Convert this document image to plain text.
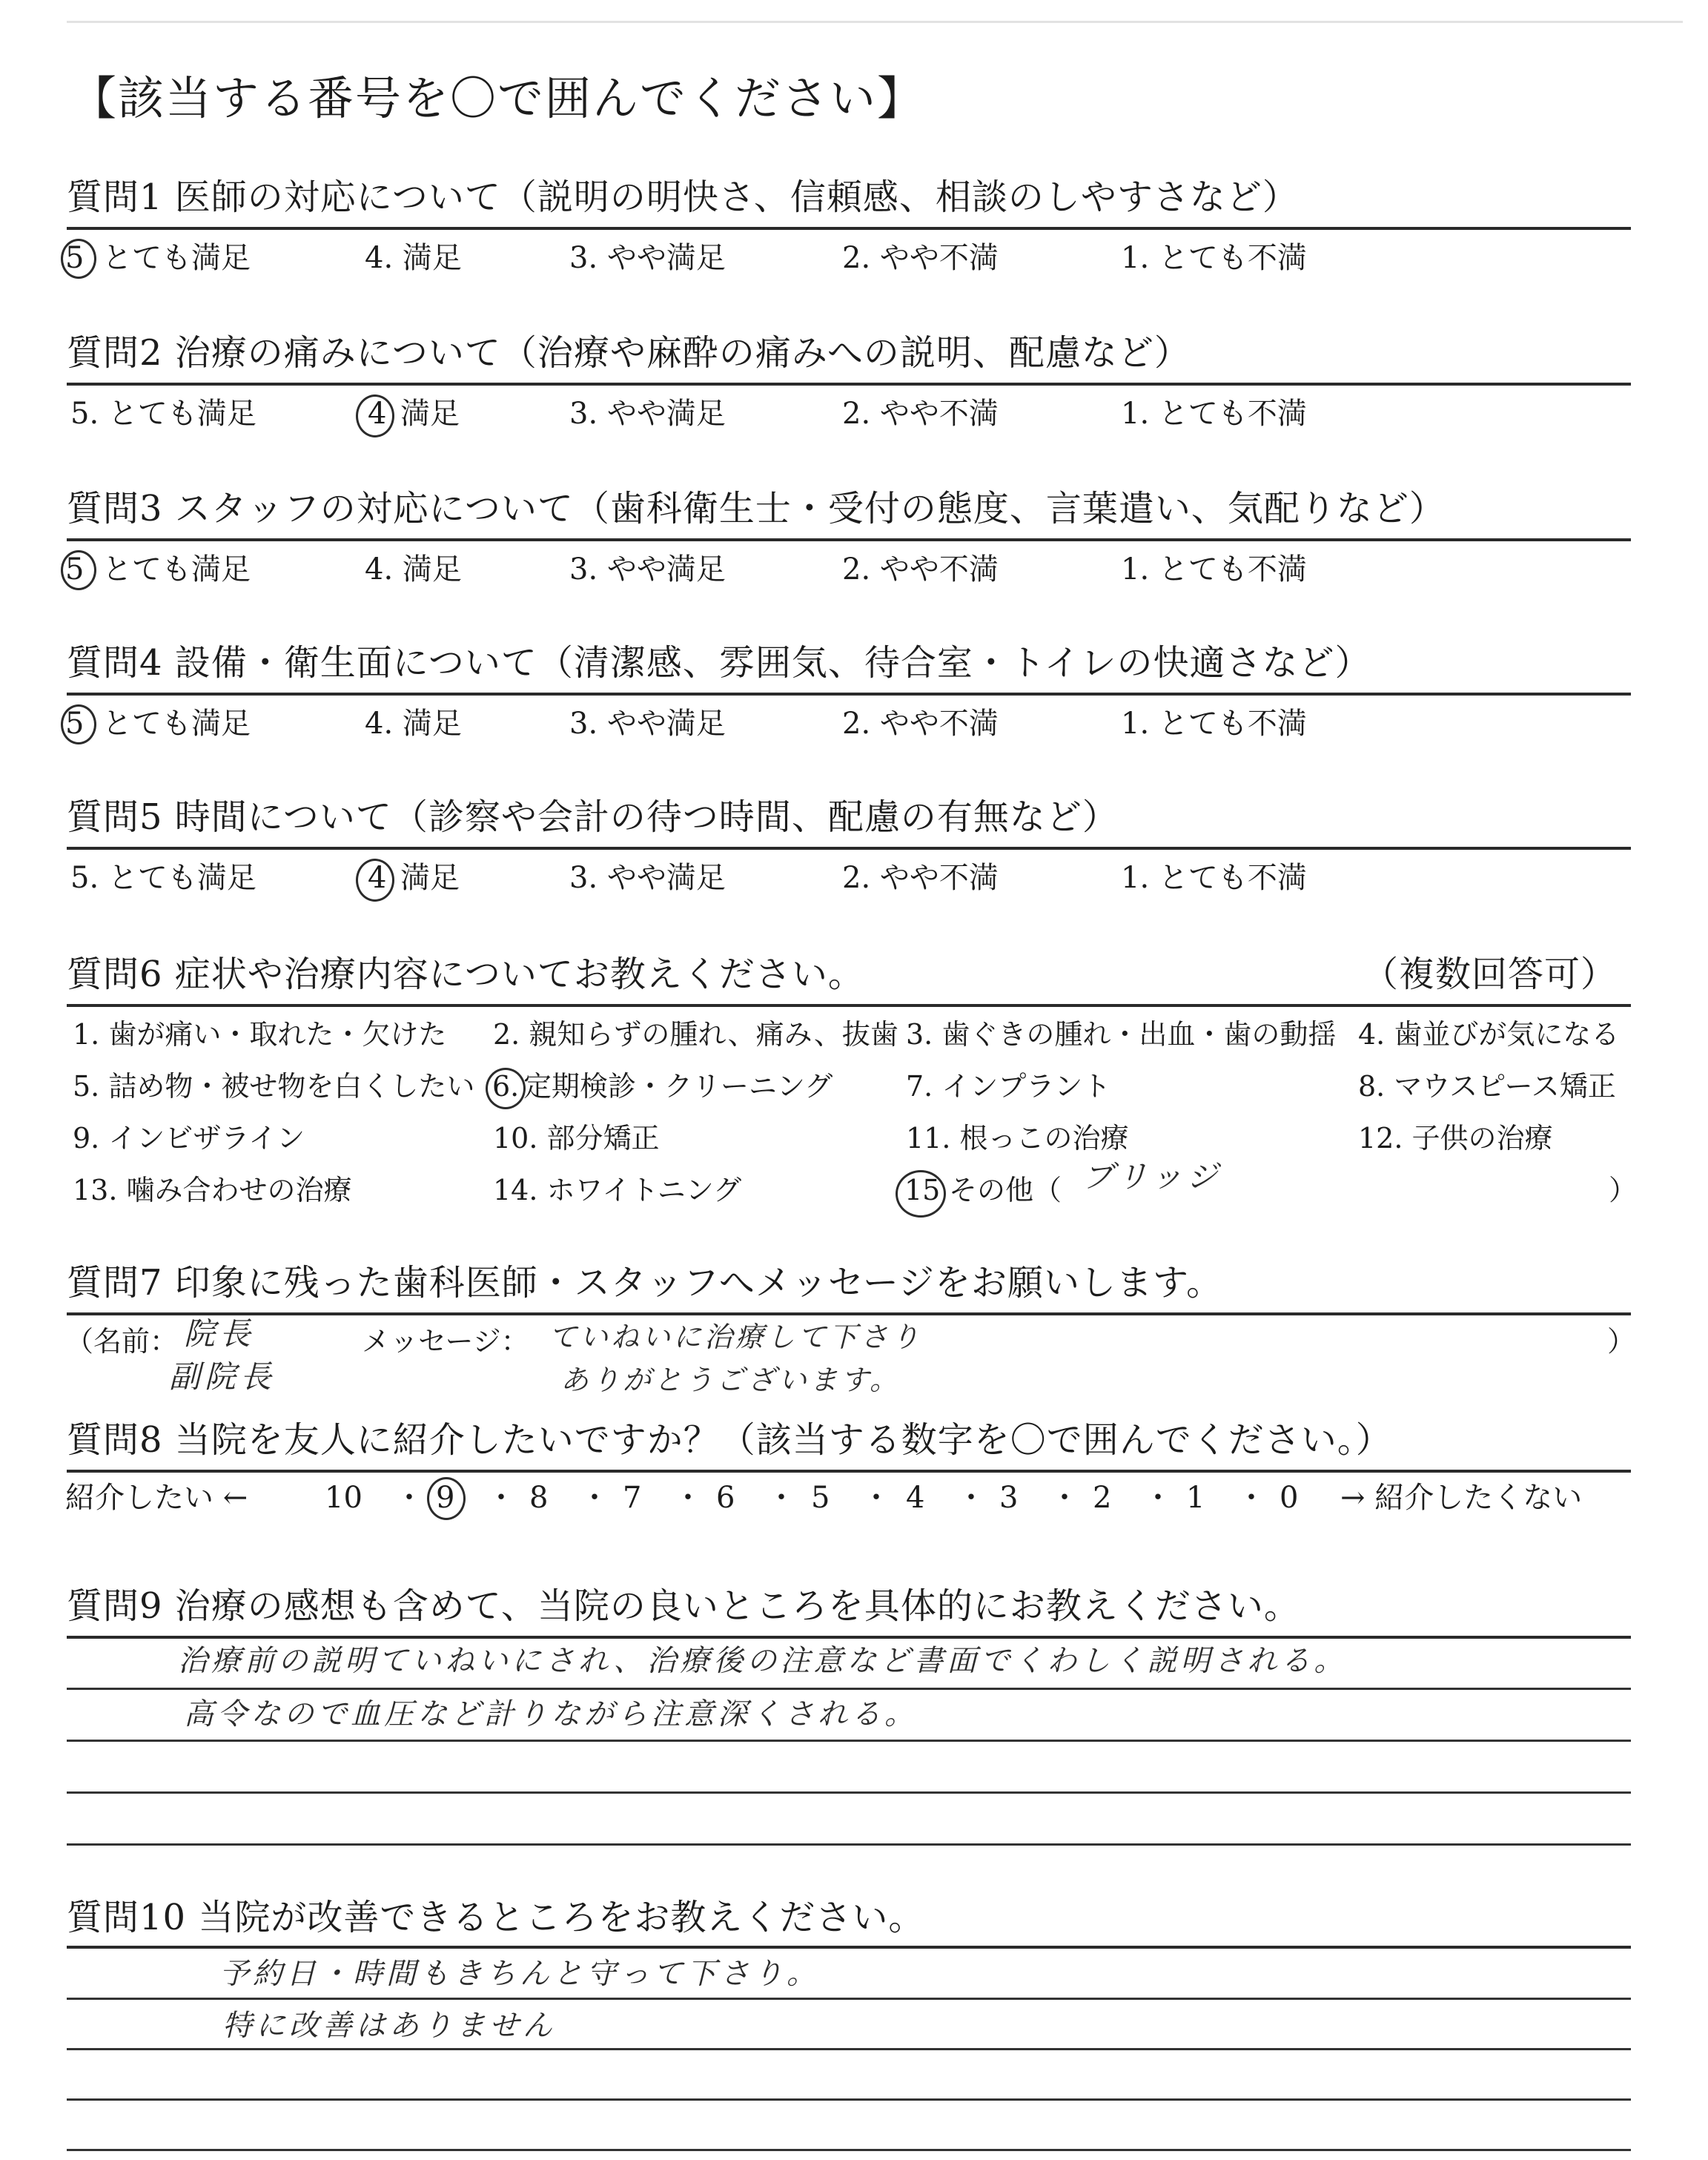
【該当する番号を〇で囲んでください】
質問1 医師の対応について（説明の明快さ、信頼感、相談のしやすさなど）
5 とても満足	4. 満足	3. やや満足	2. やや不満	1. とても不満
質問2 治療の痛みについて（治療や麻酔の痛みへの説明、配慮など）
5. とても満足	4 満足	3. やや満足	2. やや不満	1. とても不満
質問3 スタッフの対応について（歯科衛生士・受付の態度、言葉遣い、気配りなど）
5 とても満足	4. 満足	3. やや満足	2. やや不満	1. とても不満
質問4 設備・衛生面について（清潔感、雰囲気、待合室・トイレの快適さなど）
5 とても満足	4. 満足	3. やや満足	2. やや不満	1. とても不満
質問5 時間について（診察や会計の待つ時間、配慮の有無など）
5. とても満足	4 満足	3. やや満足	2. やや不満	1. とても不満
質問6 症状や治療内容についてお教えください。	（複数回答可）
1. 歯が痛い・取れた・欠けた 2. 親知らずの腫れ、痛み、抜歯 3. 歯ぐきの腫れ・出血・歯の動揺 4. 歯並びが気になる
5. 詰め物・被せ物を白くしたい 6. 定期検診・クリーニング	7. インプラント	8. マウスピース矯正
9. インビザライン	10. 部分矯正	11. 根っこの治療	12. 子供の治療
13. 噛み合わせの治療	14. ホワイトニング	15 その他（ ブリッジ	）
質問7 印象に残った歯科医師・スタッフへメッセージをお願いします。
（名前： 院長
副院長
メッセージ： ていねいに治療して下さり
ありがとうございます。
）
質問8 当院を友人に紹介したいですか？（該当する数字を〇で囲んでください。）
紹介したい ←	10 ・ 9 ・ 8 ・ 7 ・ 6 ・ 5 ・ 4 ・ 3 ・ 2 ・ 1 ・ 0 → 紹介したくない
質問9 治療の感想も含めて、当院の良いところを具体的にお教えください。
治療前の説明ていねいにされ、治療後の注意など書面でくわしく説明される。
高令なので血圧など計りながら注意深くされる。
質問10 当院が改善できるところをお教えください。
予約日・時間もきちんと守って下さり。
特に改善はありません
